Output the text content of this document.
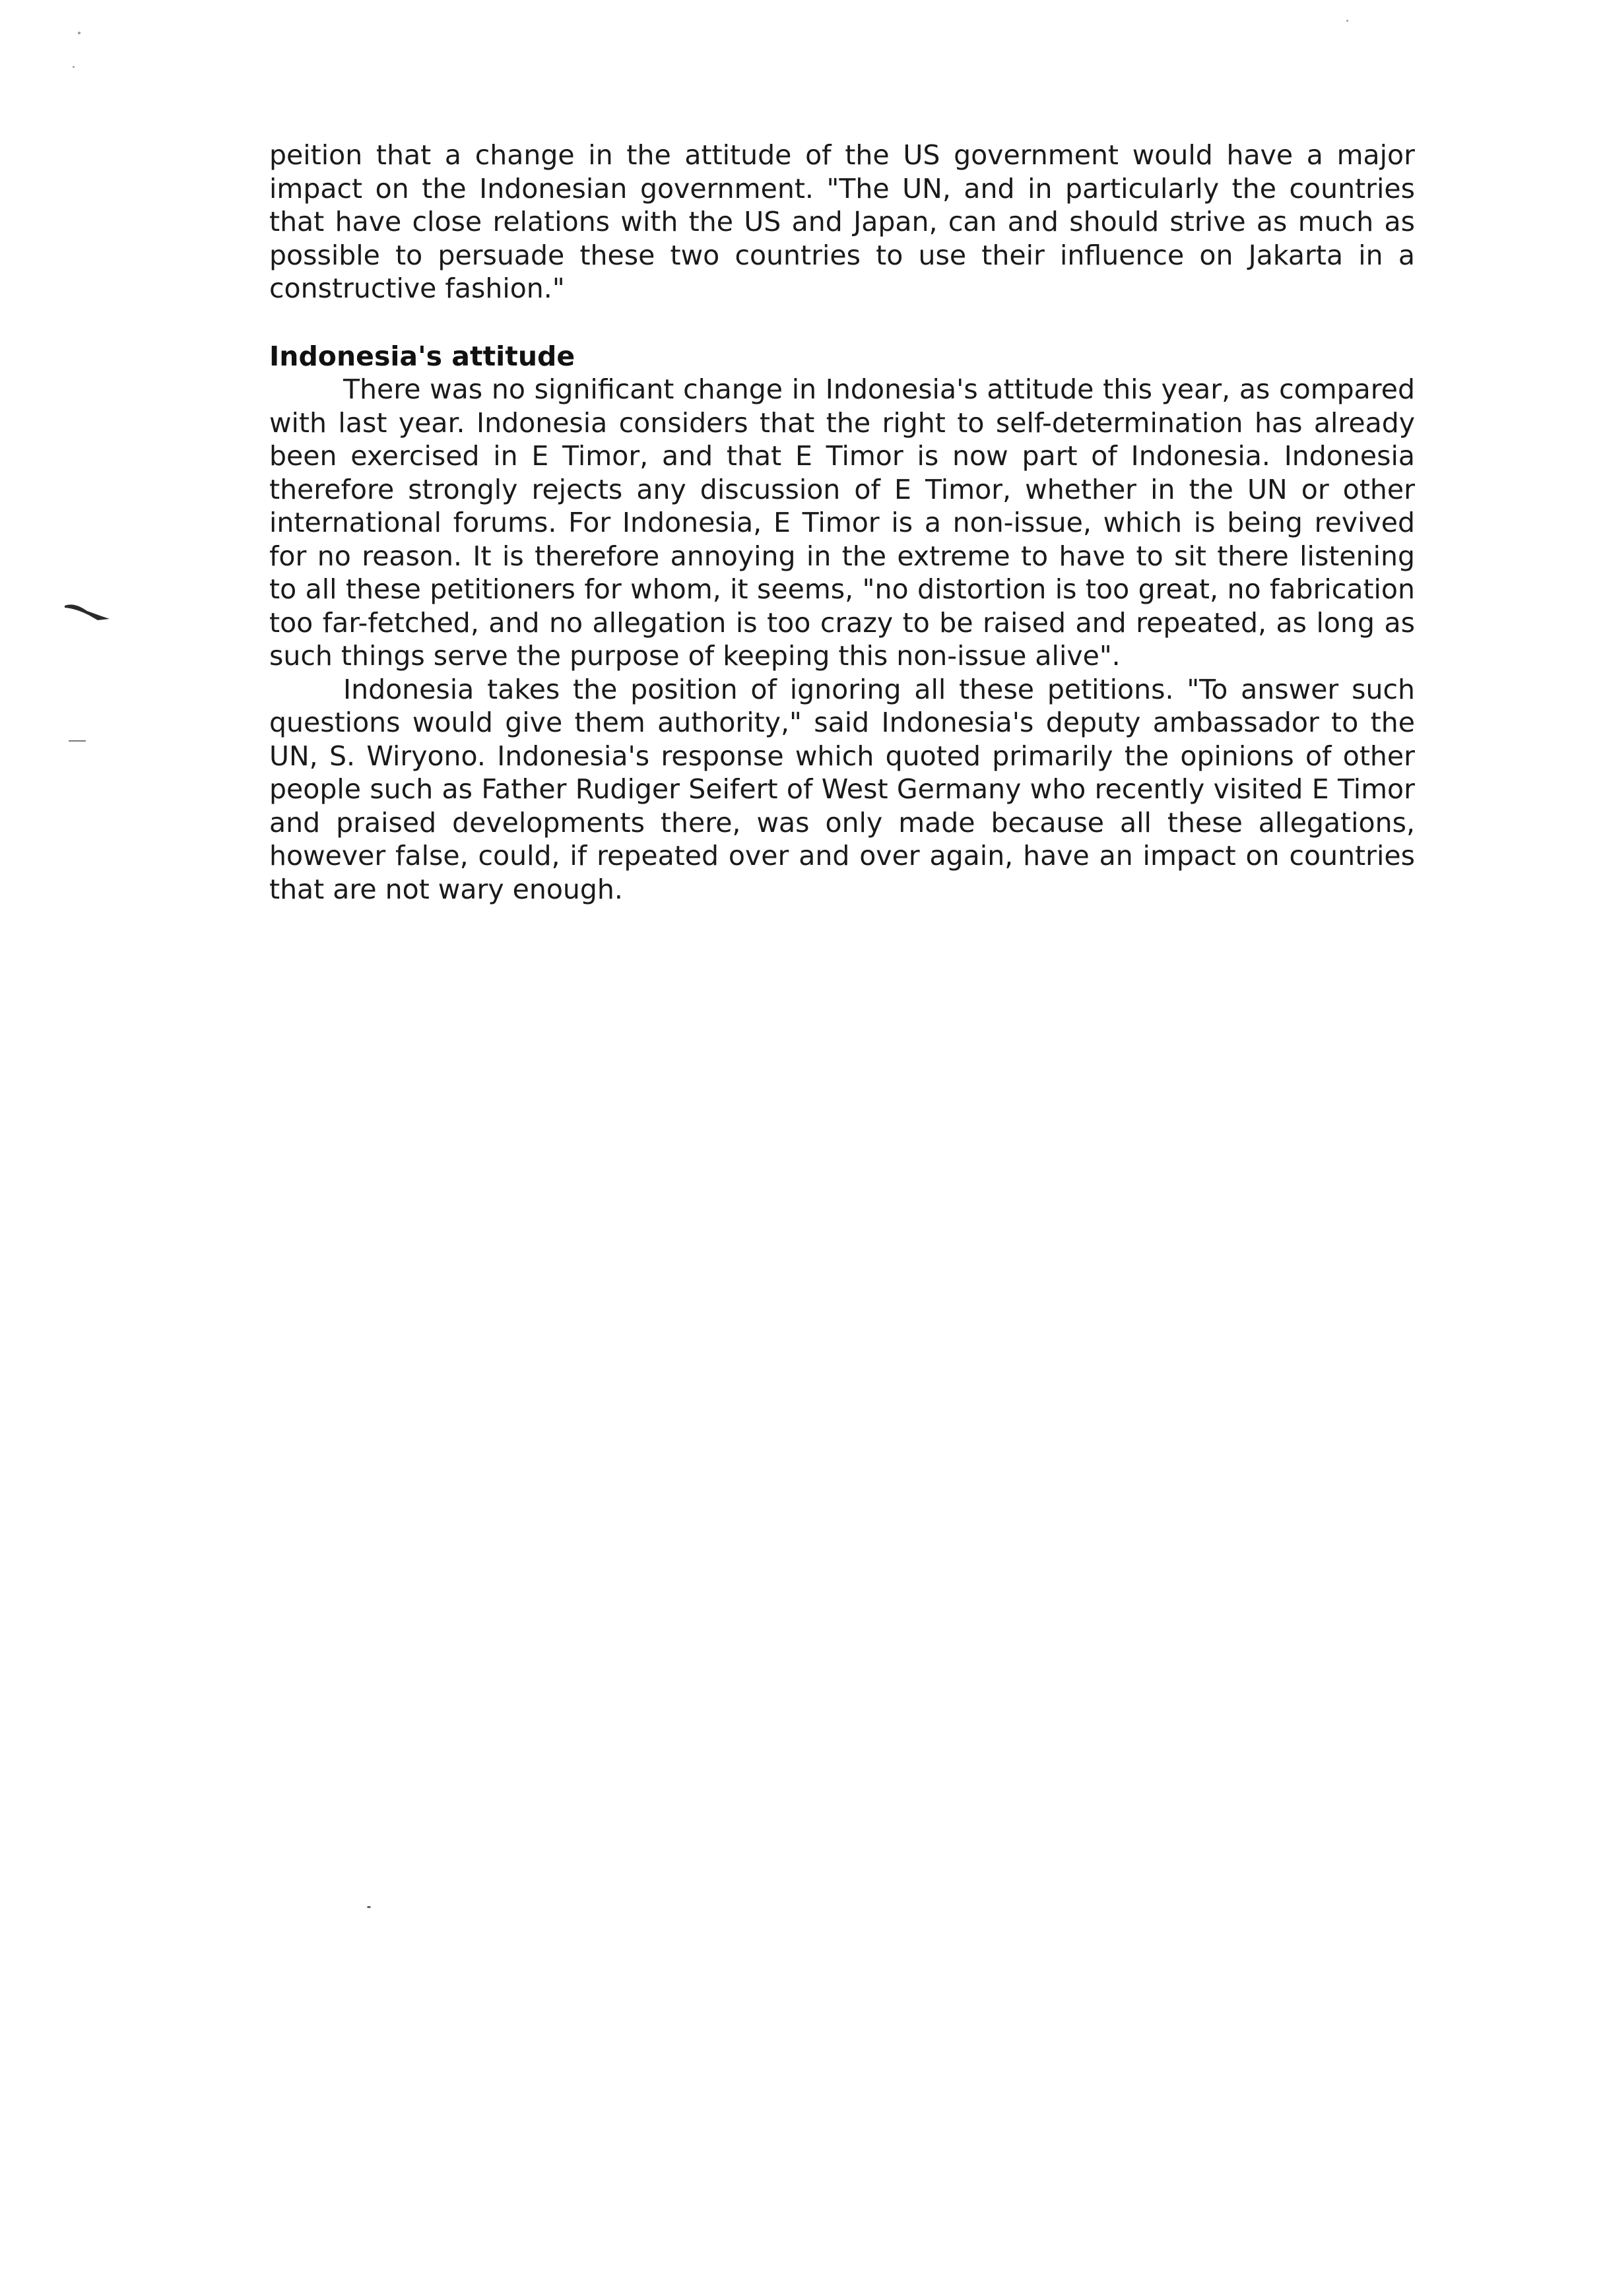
peition that a change in the attitude of the US government would have a major impact on the Indonesian government. "The UN, and in particularly the countries that have close relations with the US and Japan, can and should strive as much as possible to persuade these two countries to use their influence on Jakarta in a constructive fashion."

Indonesia's attitude

There was no significant change in Indonesia's attitude this year, as compared with last year. Indonesia considers that the right to self-determination has already been exercised in E Timor, and that E Timor is now part of Indonesia. Indonesia therefore strongly rejects any discussion of E Timor, whether in the UN or other international forums. For Indonesia, E Timor is a non-issue, which is being revived for no reason. It is therefore annoying in the extreme to have to sit there listening to all these petitioners for whom, it seems, "no distortion is too great, no fabrication too far-fetched, and no allegation is too crazy to be raised and repeated, as long as such things serve the purpose of keeping this non-issue alive".

Indonesia takes the position of ignoring all these petitions. "To answer such questions would give them authority," said Indonesia's deputy ambassador to the UN, S. Wiryono. Indonesia's response which quoted primarily the opinions of other people such as Father Rudiger Seifert of West Germany who recently visited E Timor and praised developments there, was only made because all these allegations, however false, could, if repeated over and over again, have an impact on countries that are not wary enough.
